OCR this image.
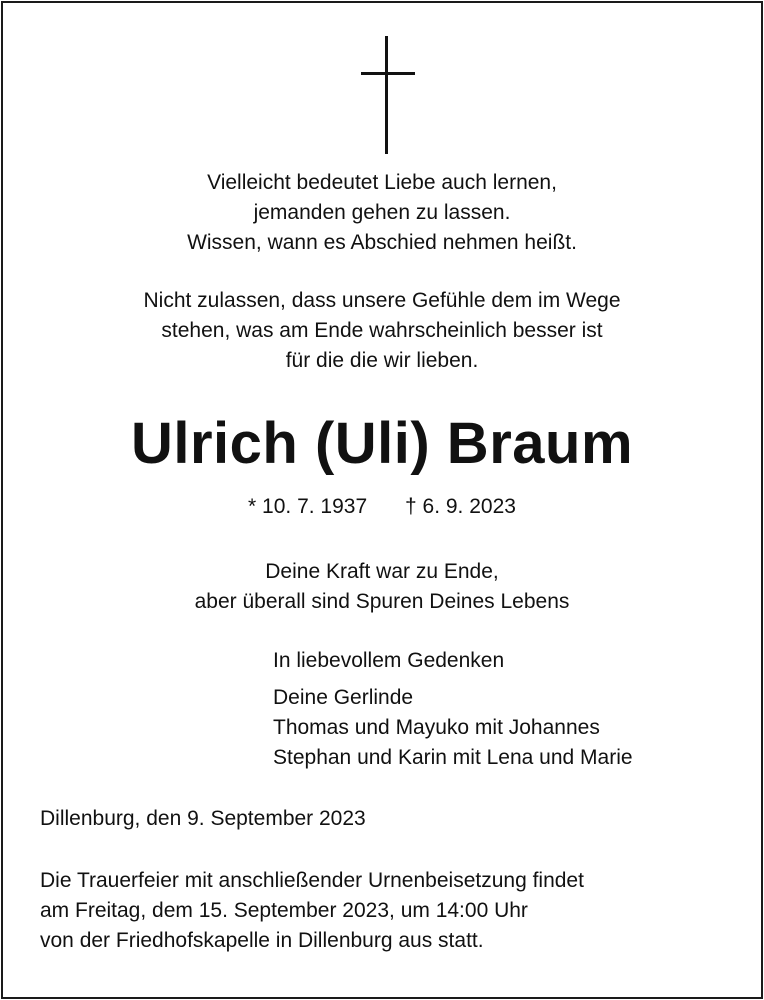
Vielleicht bedeutet Liebe auch lernen,
jemanden gehen zu lassen.
Wissen, wann es Abschied nehmen heißt.
Nicht zulassen, dass unsere Gefühle dem im Wege
stehen, was am Ende wahrscheinlich besser ist
für die die wir lieben.
Ulrich (Uli) Braum
* 10. 7. 1937 † 6. 9. 2023
Deine Kraft war zu Ende,
aber überall sind Spuren Deines Lebens
In liebevollem Gedenken
Deine Gerlinde
Thomas und Mayuko mit Johannes
Stephan und Karin mit Lena und Marie
Dillenburg, den 9. September 2023
Die Trauerfeier mit anschließender Urnenbeisetzung findet
am Freitag, dem 15. September 2023, um 14:00 Uhr
von der Friedhofskapelle in Dillenburg aus statt.
